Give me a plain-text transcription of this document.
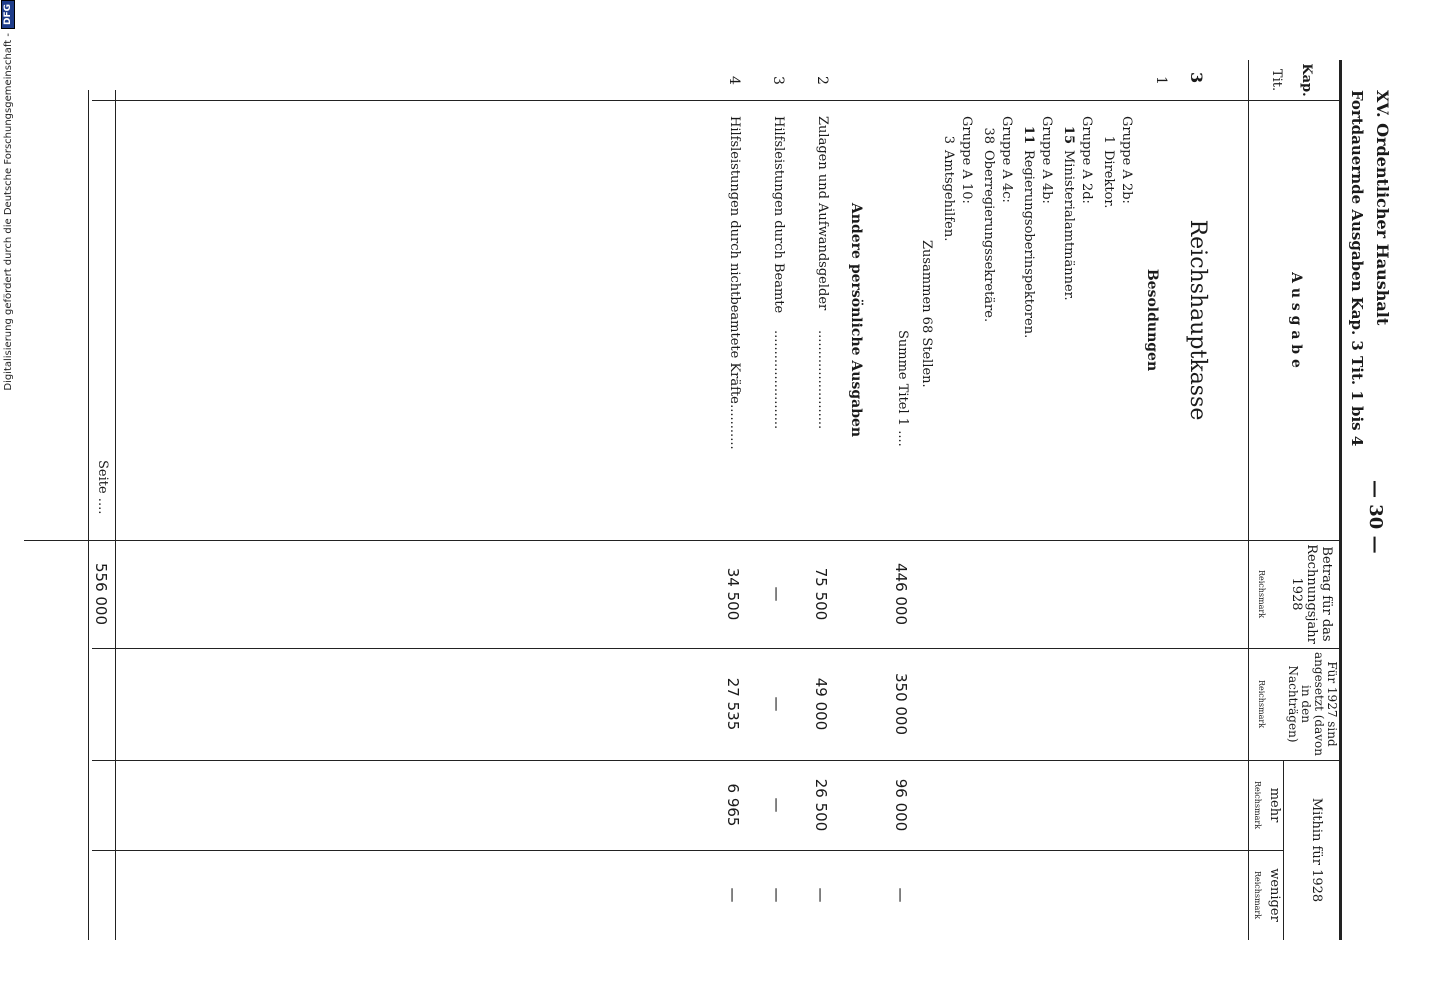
XV. Ordentlicher Haushalt
Fortdauernde Ausgaben Kap. 3 Tit. 1 bis 4
— 30 —
Kap.
Tit.
A u s g a b e
Betrag für das Rechnungsjahr 1928
Reichsmark
Für 1927 sind angesetzt (davon in den Nachträgen)
Reichsmark
Mithin für 1928
mehr
Reichsmark
weniger
Reichsmark
3
Reichshauptkasse
Besoldungen
1
Gruppe A 2b:
1
Direktor.
Gruppe A 2d:
15
Ministerialamtmänner.
Gruppe A 4b:
11
Regierungsoberinspektoren.
Gruppe A 4c:
38
Oberregierungssekretäre.
Gruppe A 10:
3
Amtsgehilfen.
Zusammen 68 Stellen.
Summe Titel 1 ....
446 000
350 000
96 000
—
Andere persönliche Ausgaben
2
Zulagen und Aufwandsgelder
........................
75 500
49 000
26 500
—
3
Hilfsleistungen durch Beamte
........................
—
—
—
—
4
Hilfsleistungen durch nichtbeamtete Kräfte
............
34 500
27 535
6 965
—
Seite ....
556 000
Digitalisierung gefördert durch die Deutsche Forschungsgemeinschaft -
DFG
